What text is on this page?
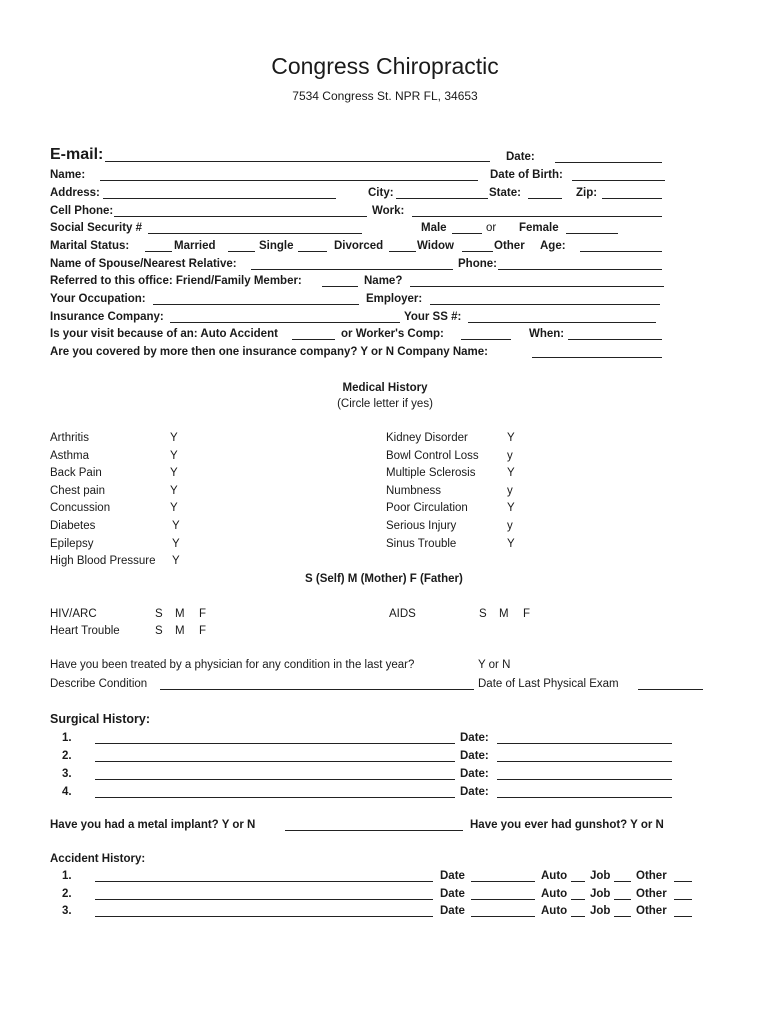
Congress Chiropractic
7534 Congress St. NPR FL, 34653
E-mail:	Date:
Name:	Date of Birth:
Address:	City:	State:	Zip:
Cell Phone:	Work:
Social Security #	Male	or Female
Marital Status:	Married	Single	Divorced	Widow	Other Age:
Name of Spouse/Nearest Relative:	Phone:
Referred to this office: Friend/Family Member:	Name?
Your Occupation:	Employer:
Insurance Company:	Your SS #:
Is your visit because of an: Auto Accident	or Worker's Comp:	When:
Are you covered by more then one insurance company? Y or N Company Name:
Medical History
(Circle letter if yes)
S (Self) M (Mother) F (Father)
Have you been treated by a physician for any condition in the last year?	Y or N
Describe Condition	Date of Last Physical Exam
Surgical History:
Have you had a metal implant? Y or N	Have you ever had gunshot? Y or N
Accident History:
Arthritis	Y
Asthma	Y
Back Pain	Y
Chest pain	Y
Concussion	Y
Diabetes	Y
Epilepsy	Y
High Blood Pressure Y
Kidney Disorder	Y
Bowl Control Loss y
Multiple Sclerosis	Y
Numbness	y
Poor Circulation	Y
Serious Injury	y
Sinus Trouble	Y
HIV/ARC	S M F
Heart Trouble	S M F
AIDS	S M F
1.	Date:
2.	Date:
3.	Date:
4.	Date:
1.	Date	Auto Job Other
2.	Date	Auto Job Other
3.	Date	Auto Job Other
